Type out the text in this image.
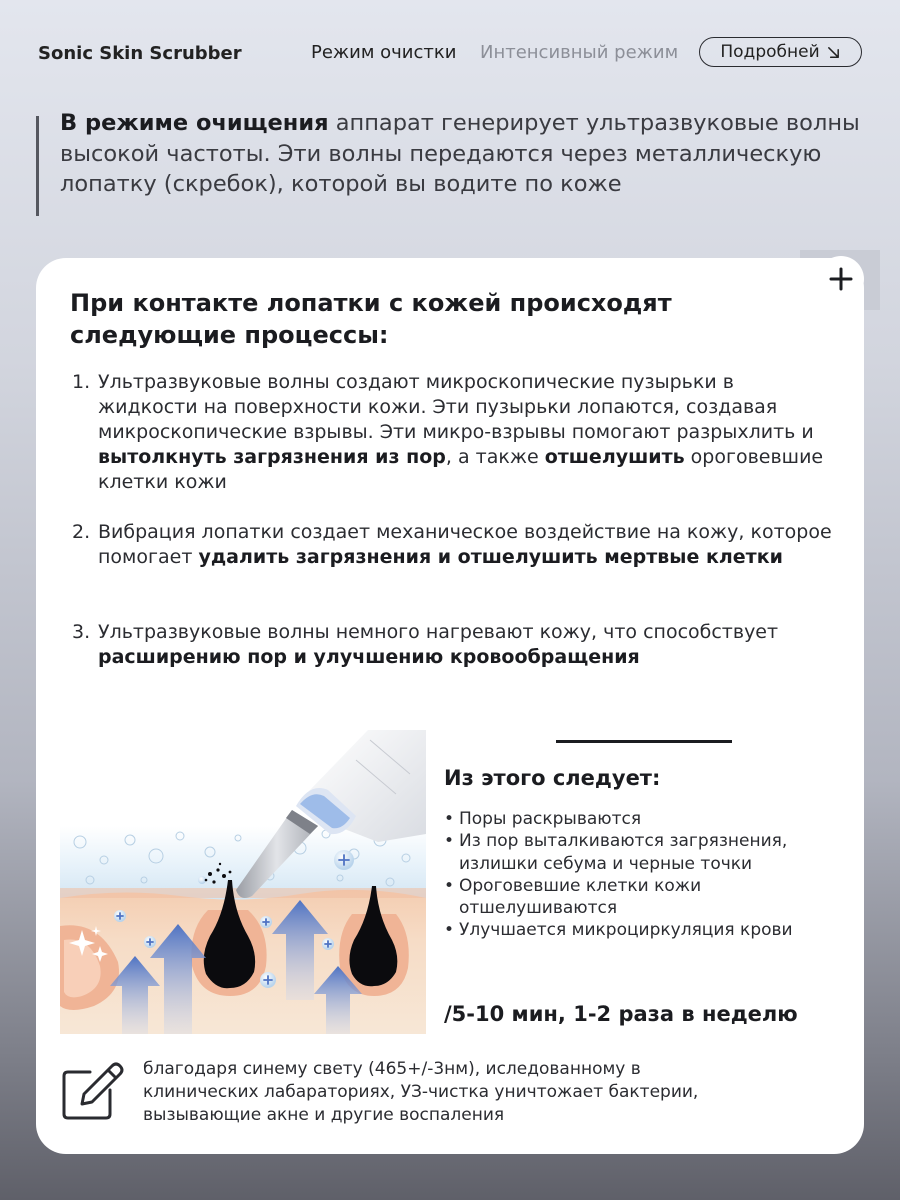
Sonic Skin Scrubber	Режим очистки Интенсивный режим Подробней
В режиме очищения аппарат генерирует ультразвуковые волны высокой частоты. Эти волны передаются через металлическую лопатку (скребок), которой вы водите по коже
При контакте лопатки с кожей происходят следующие процессы:
1. Ультразвуковые волны создают микроскопические пузырьки в жидкости на поверхности кожи. Эти пузырьки лопаются, создавая микроскопические взрывы. Эти микро-взрывы помогают разрыхлить и вытолкнуть загрязнения из пор, а также отшелушить ороговевшие клетки кожи
2. Вибрация лопатки создает механическое воздействие на кожу, которое помогает удалить загрязнения и отшелушить мертвые клетки
3. Ультразвуковые волны немного нагревают кожу, что способствует расширению пор и улучшению кровообращения
Из этого следует:
• Поры раскрываются
• Из пор выталкиваются загрязнения, излишки себума и черные точки
• Ороговевшие клетки кожи отшелушиваются
• Улучшается микроциркуляция крови
/5-10 мин, 1-2 раза в неделю
благодаря синему свету (465+/-3нм), иследованному в клинических лабараториях, УЗ-чистка уничтожает бактерии, вызывающие акне и другие воспаления
